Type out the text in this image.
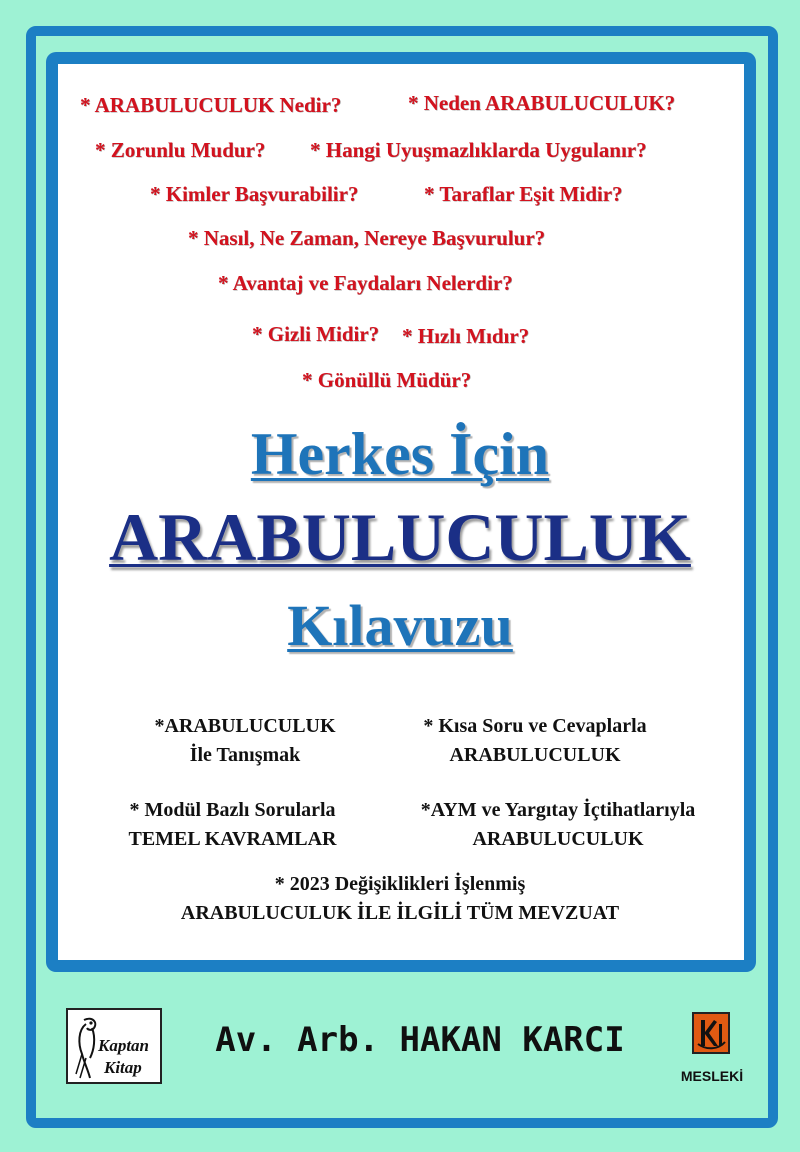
* ARABULUCULUK Nedir?	* Neden ARABULUCULUK?
* Zorunlu Mudur? * Hangi Uyuşmazlıklarda Uygulanır?
* Kimler Başvurabilir?	* Taraflar Eşit Midir?
* Nasıl, Ne Zaman, Nereye Başvurulur?
* Avantaj ve Faydaları Nelerdir?
* Gizli Midir? * Hızlı Mıdır?
* Gönüllü Müdür?
Herkes İçin
ARABULUCULUK
Kılavuzu
*ARABULUCULUK
İle Tanışmak
* Kısa Soru ve Cevaplarla
ARABULUCULUK
* Modül Bazlı Sorularla
TEMEL KAVRAMLAR
*AYM ve Yargıtay İçtihatlarıyla
ARABULUCULUK
* 2023 Değişiklikleri İşlenmiş
ARABULUCULUK İLE İLGİLİ TÜM MEVZUAT
Kaptan
Kitap
Av. Arb. HAKAN KARCI
MESLEKİ
